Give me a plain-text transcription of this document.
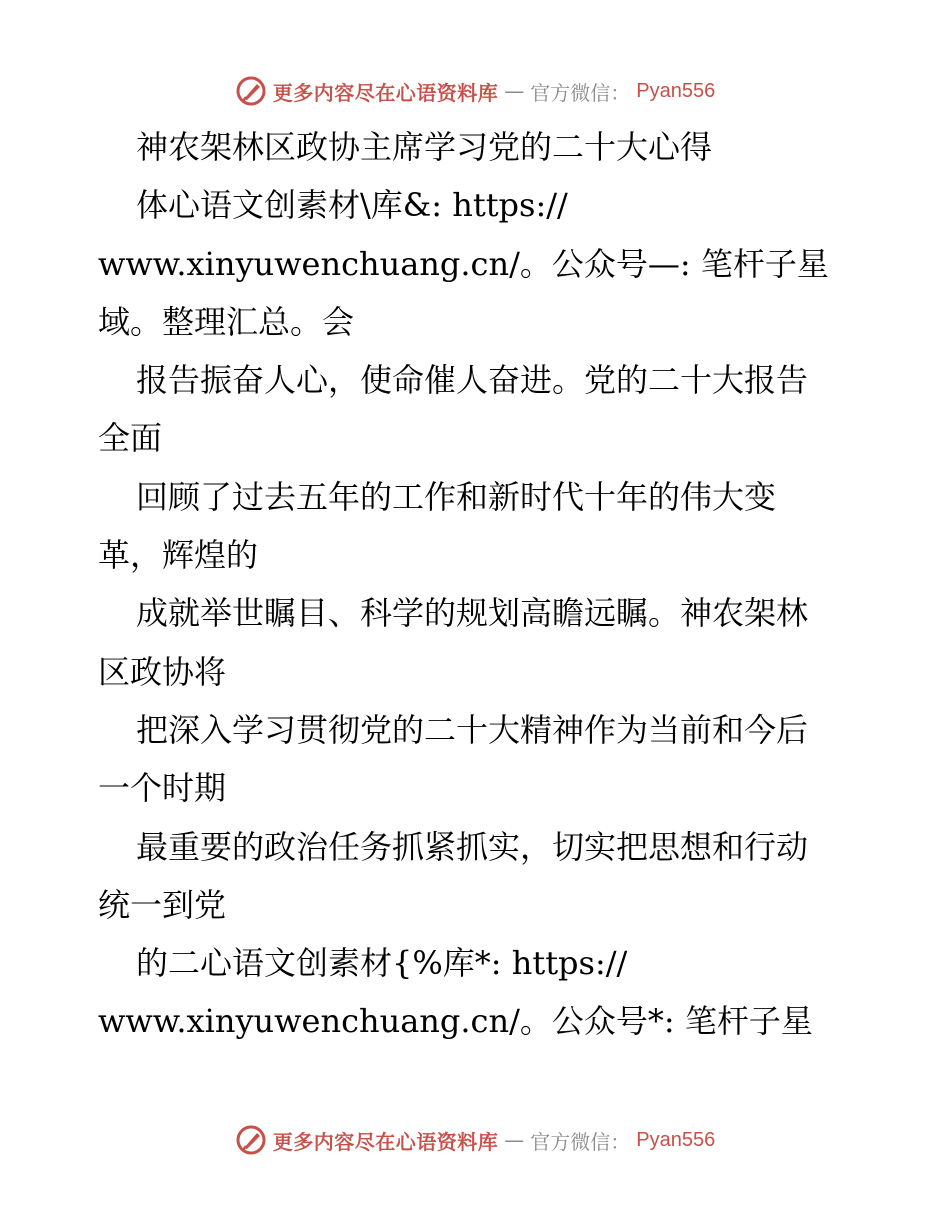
更多内容尽在心语资料库 — 官方微信： Pyan556
神农架林区政协主席学习党的二十大心得
体心语文创素材\库&: https://
www.xinyuwenchuang.cn/。公众号—: 笔杆子星
域。整理汇总。会
报告振奋人心，使命催人奋进。党的二十大报告
全面
回顾了过去五年的工作和新时代十年的伟大变
革，辉煌的
成就举世瞩目、科学的规划高瞻远瞩。神农架林
区政协将
把深入学习贯彻党的二十大精神作为当前和今后
一个时期
最重要的政治任务抓紧抓实，切实把思想和行动
统一到党
的二心语文创素材{%库*: https://
www.xinyuwenchuang.cn/。公众号*: 笔杆子星
更多内容尽在心语资料库 — 官方微信： Pyan556
